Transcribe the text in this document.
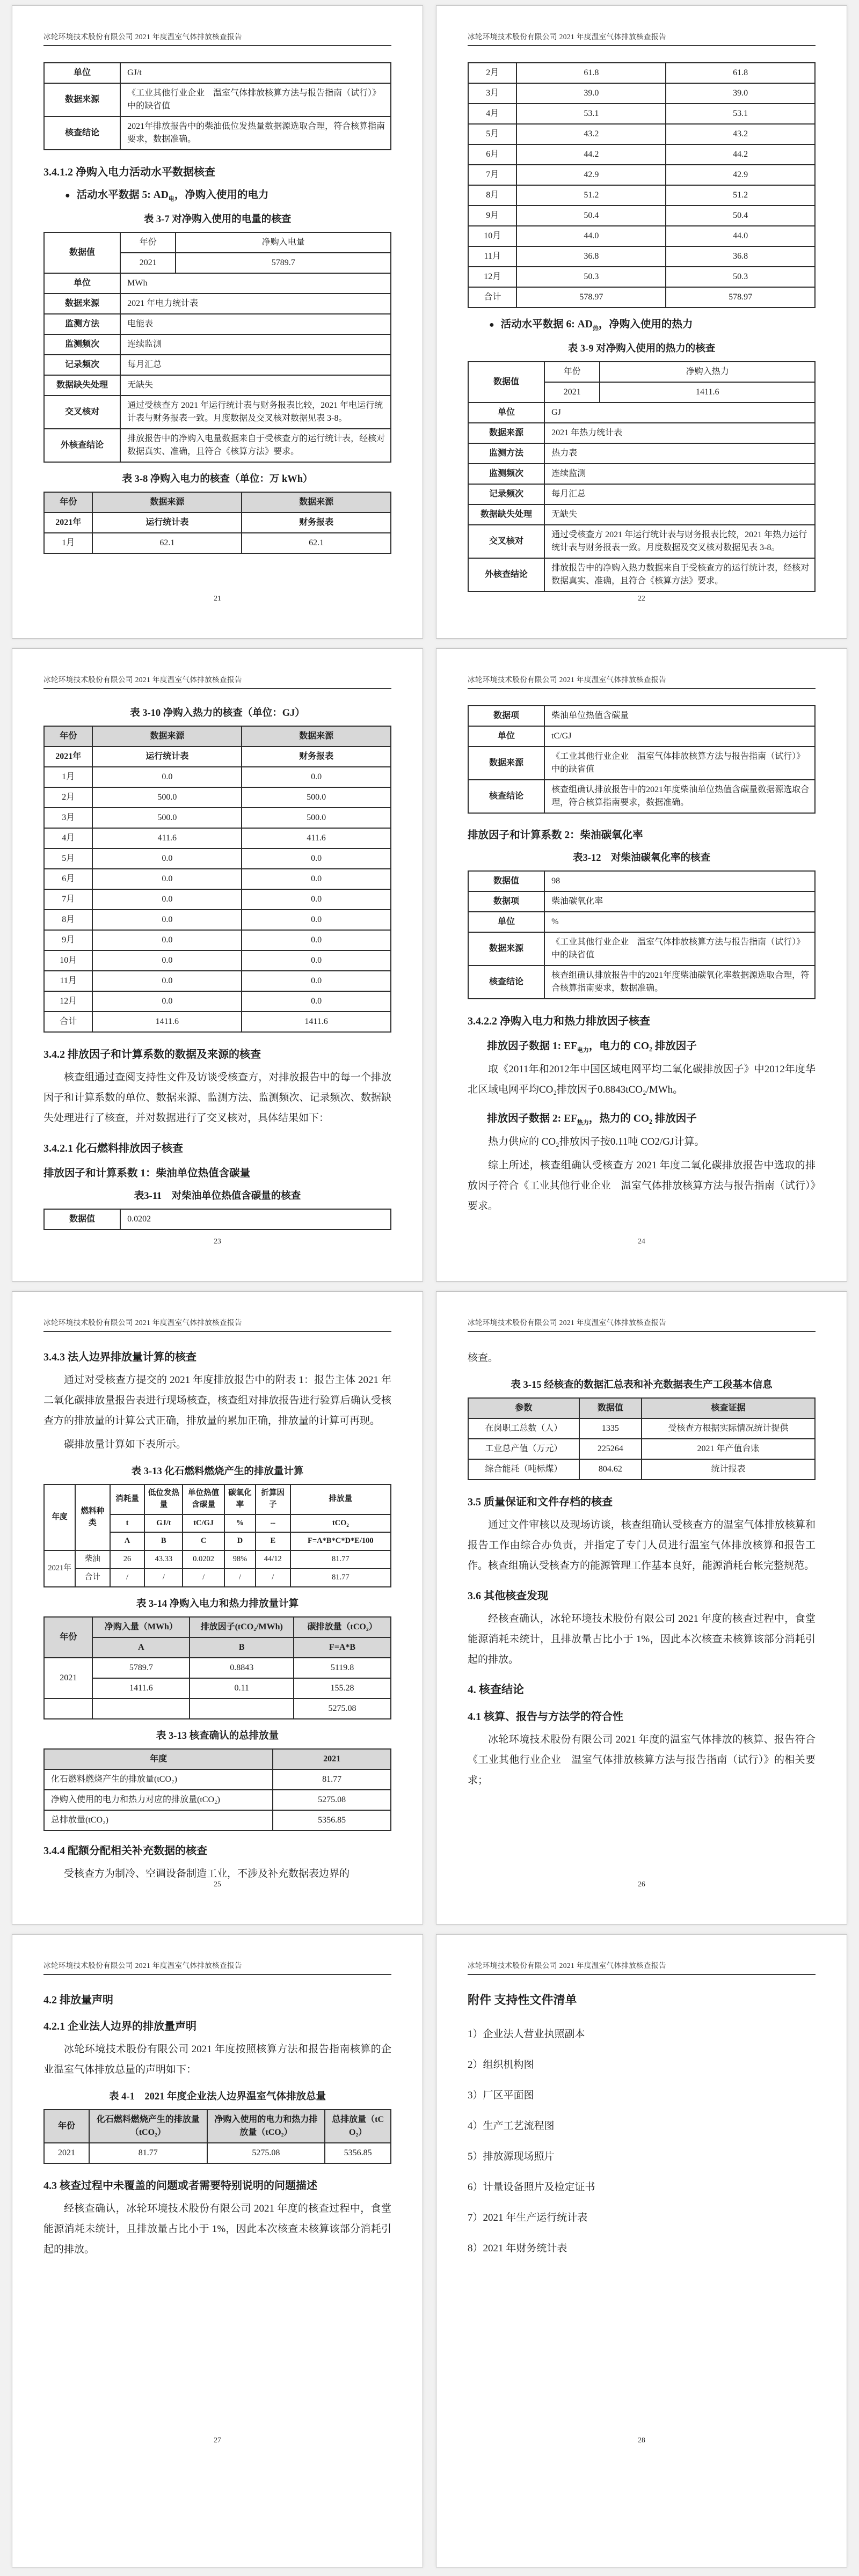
冰轮环境技术股份有限公司 2021 年度温室气体排放核查报告
单位	GJ/t
数据来源	《工业其他行业企业　温室气体排放核算方法与报告指南（试行）》中的缺省值
核查结论	2021年排放报告中的柴油低位发热量数据源选取合理，符合核算指南要求，数据准确。
3.4.1.2 净购入电力活动水平数据核查
● 活动水平数据 5: $AD_电$，净购入使用的电力
表 3-7 对净购入使用的电量的核查
数据值	年份	净购入电量
	2021	5789.7
单位	MWh	
数据来源	2021 年电力统计表	
监测方法	电能表	
监测频次	连续监测	
记录频次	每月汇总	
数据缺失处理	无缺失	
交叉核对	通过受核查方 2021 年运行统计表与财务报表比较，2021 年电运行统计表与财务报表一致。月度数据及交叉核对数据见表 3-8。	
外核查结论	排放报告中的净购入电量数据来自于受核查方的运行统计表，经核对数据真实、准确，且符合《核算方法》要求。	
表 3-8 净购入电力的核查（单位：万 kWh）
年份	数据来源	数据来源
2021年	运行统计表	财务报表
1月	62.1	62.1
21
冰轮环境技术股份有限公司 2021 年度温室气体排放核查报告
2月	61.8	61.8
3月	39.0	39.0
4月	53.1	53.1
5月	43.2	43.2
6月	44.2	44.2
7月	42.9	42.9
8月	51.2	51.2
9月	50.4	50.4
10月	44.0	44.0
11月	36.8	36.8
12月	50.3	50.3
合计	578.97	578.97
● 活动水平数据 6: $AD_热$，净购入使用的热力
表 3-9 对净购入使用的热力的核查
数据值	年份	净购入热力
	2021	1411.6
单位	GJ	
数据来源	2021 年热力统计表	
监测方法	热力表	
监测频次	连续监测	
记录频次	每月汇总	
数据缺失处理	无缺失	
交叉核对	通过受核查方 2021 年运行统计表与财务报表比较，2021 年热力运行统计表与财务报表一致。月度数据及交叉核对数据见表 3-8。	
外核查结论	排放报告中的净购入热力数据来自于受核查方的运行统计表，经核对数据真实、准确，且符合《核算方法》要求。	
22
冰轮环境技术股份有限公司 2021 年度温室气体排放核查报告
表 3-10 净购入热力的核查（单位：GJ）
年份	数据来源	数据来源
2021年	运行统计表	财务报表
1月	0.0	0.0
2月	500.0	500.0
3月	500.0	500.0
4月	411.6	411.6
5月	0.0	0.0
6月	0.0	0.0
7月	0.0	0.0
8月	0.0	0.0
9月	0.0	0.0
10月	0.0	0.0
11月	0.0	0.0
12月	0.0	0.0
合计	1411.6	1411.6
3.4.2 排放因子和计算系数的数据及来源的核查

核查组通过查阅支持性文件及访谈受核查方，对排放报告中的每一个排放因子和计算系数的单位、数据来源、监测方法、监测频次、记录频次、数据缺失处理进行了核查，并对数据进行了交叉核对，具体结果如下：

3.4.2.1 化石燃料排放因子核查
排放因子和计算系数 1：柴油单位热值含碳量
表3-11　对柴油单位热值含碳量的核查
数据值	0.0202
23
冰轮环境技术股份有限公司 2021 年度温室气体排放核查报告
数据项	柴油单位热值含碳量
单位	tC/GJ
数据来源	《工业其他行业企业　温室气体排放核算方法与报告指南（试行）》中的缺省值
核查结论	核查组确认排放报告中的2021年度柴油单位热值含碳量数据源选取合理，符合核算指南要求，数据准确。
排放因子和计算系数 2：柴油碳氧化率
表3-12　对柴油碳氧化率的核查
数据值	98
数据项	柴油碳氧化率
单位	%
数据来源	《工业其他行业企业　温室气体排放核算方法与报告指南（试行）》中的缺省值
核查结论	核查组确认排放报告中的2021年度柴油碳氧化率数据源选取合理，符合核算指南要求，数据准确。
3.4.2.2 净购入电力和热力排放因子核查
排放因子数据 1: $EF_{电力}$，电力的 CO₂ 排放因子

取《2011年和2012年中国区域电网平均二氧化碳排放因子》中2012年度华北区域电网平均CO₂排放因子0.8843tCO₂/MWh。

排放因子数据 2: $EF_{热力}$，热力的 CO₂ 排放因子

热力供应的 CO₂排放因子按0.11吨 CO2/GJ计算。

综上所述，核查组确认受核查方 2021 年度二氧化碳排放报告中选取的排放因子符合《工业其他行业企业　温室气体排放核算方法与报告指南（试行）》要求。

24
冰轮环境技术股份有限公司 2021 年度温室气体排放核查报告
3.4.3 法人边界排放量计算的核查

通过对受核查方提交的 2021 年度排放报告中的附表 1：报告主体 2021 年二氧化碳排放量报告表进行现场核查，核查组对排放报告进行验算后确认受核查方的排放量的计算公式正确，排放量的累加正确，排放量的计算可再现。

碳排放量计算如下表所示。

表 3-13 化石燃料燃烧产生的排放量计算
年度	燃料种类	消耗量	低位发热量	单位热值含碳量	碳氧化率	折算因子	排放量
		t	GJ/t	tC/GJ	%	--	tCO₂
		A	B	C	D	E	F=A*B*C*D*E/100
2021年	柴油	26	43.33	0.0202	98%	44/12	81.77
	合计	/	/	/	/	/	81.77
表 3-14 净购入电力和热力排放量计算
年份	净购入量（MWh）	排放因子(tCO₂/MWh)	碳排放量（tCO₂）
	A	B	F=A*B
2021	5789.7	0.8843	5119.8
	1411.6	0.11	155.28
			5275.08
表 3-13 核查确认的总排放量
年度	2021
化石燃料燃烧产生的排放量(tCO₂)	81.77
净购入使用的电力和热力对应的排放量(tCO₂)	5275.08
总排放量(tCO₂)	5356.85
3.4.4 配额分配相关补充数据的核查

受核查方为制冷、空调设备制造工业，不涉及补充数据表边界的

25
冰轮环境技术股份有限公司 2021 年度温室气体排放核查报告

核查。

表 3-15 经核查的数据汇总表和补充数据表生产工段基本信息
参数	数据值	核查证据
在岗职工总数（人）	1335	受核查方根据实际情况统计提供
工业总产值（万元）	225264	2021 年产值台账
综合能耗（吨标煤）	804.62	统计报表
3.5 质量保证和文件存档的核查

通过文件审核以及现场访谈，核查组确认受核查方的温室气体排放核算和报告工作由综合办负责，并指定了专门人员进行温室气体排放核算和报告工作。核查组确认受核查方的能源管理工作基本良好，能源消耗台帐完整规范。

3.6 其他核查发现

经核查确认，冰轮环境技术股份有限公司 2021 年度的核查过程中，食堂能源消耗未统计，且排放量占比小于 1%，因此本次核查未核算该部分消耗引起的排放。

4. 核查结论
4.1 核算、报告与方法学的符合性

冰轮环境技术股份有限公司 2021 年度的温室气体排放的核算、报告符合《工业其他行业企业　温室气体排放核算方法与报告指南（试行）》的相关要求；

26
冰轮环境技术股份有限公司 2021 年度温室气体排放核查报告
4.2 排放量声明
4.2.1 企业法人边界的排放量声明

冰轮环境技术股份有限公司 2021 年度按照核算方法和报告指南核算的企业温室气体排放总量的声明如下：

表 4-1　2021 年度企业法人边界温室气体排放总量
年份	化石燃料燃烧产生的排放量（tCO₂）	净购入使用的电力和热力排放量（tCO₂）	总排放量（tCO₂）
2021	81.77	5275.08	5356.85
4.3 核查过程中未覆盖的问题或者需要特别说明的问题描述

经核查确认，冰轮环境技术股份有限公司 2021 年度的核查过程中，食堂能源消耗未统计，且排放量占比小于 1%，因此本次核查未核算该部分消耗引起的排放。

27
冰轮环境技术股份有限公司 2021 年度温室气体排放核查报告
附件 支持性文件清单
1）企业法人营业执照副本
2）组织机构图
3）厂区平面图
4）生产工艺流程图
5）排放源现场照片
6）计量设备照片及检定证书
7）2021 年生产运行统计表
8）2021 年财务统计表
28
